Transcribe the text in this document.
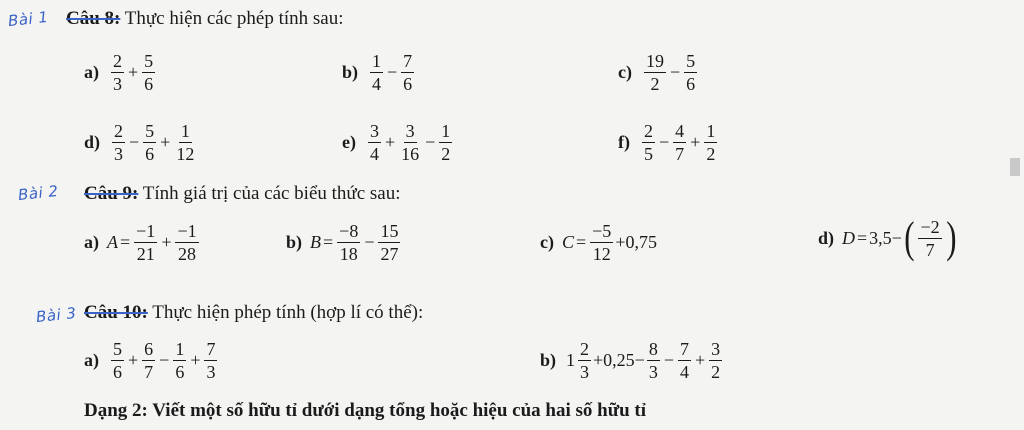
Bài 1 Câu 8: Thực hiện các phép tính sau:
$a) \frac{2}{3} + \frac{5}{6}$	$b) \frac{1}{4} - \frac{7}{6}$	$c) \frac{19}{2} - \frac{5}{6}$
$d) \frac{2}{3} - \frac{5}{6} + \frac{1}{12}$	$e) \frac{3}{4} + \frac{3}{16} - \frac{1}{2}$	$f) \frac{2}{5} - \frac{4}{7} + \frac{1}{2}$
Bài 2 Câu 9: Tính giá trị của các biểu thức sau:
a) $A = \frac{-1}{21} + \frac{-1}{28}$	b) $B = \frac{-8}{18} - \frac{15}{27}$	c) $C = \frac{-5}{12} +0,75$	d) D = 3,5− ( $\frac{-2}{7}$ )
Bài 3 Câu 10: Thực hiện phép tính (hợp lí có thể):
$a) \frac{5}{6} + \frac{6}{7} - \frac{1}{6} + \frac{7}{3}$	b) $1 \frac{2}{3} +0,25- \frac{8}{3} - \frac{7}{4} + \frac{3}{2}$
Dạng 2: Viết một số hữu tỉ dưới dạng tổng hoặc hiệu của hai số hữu tỉ
